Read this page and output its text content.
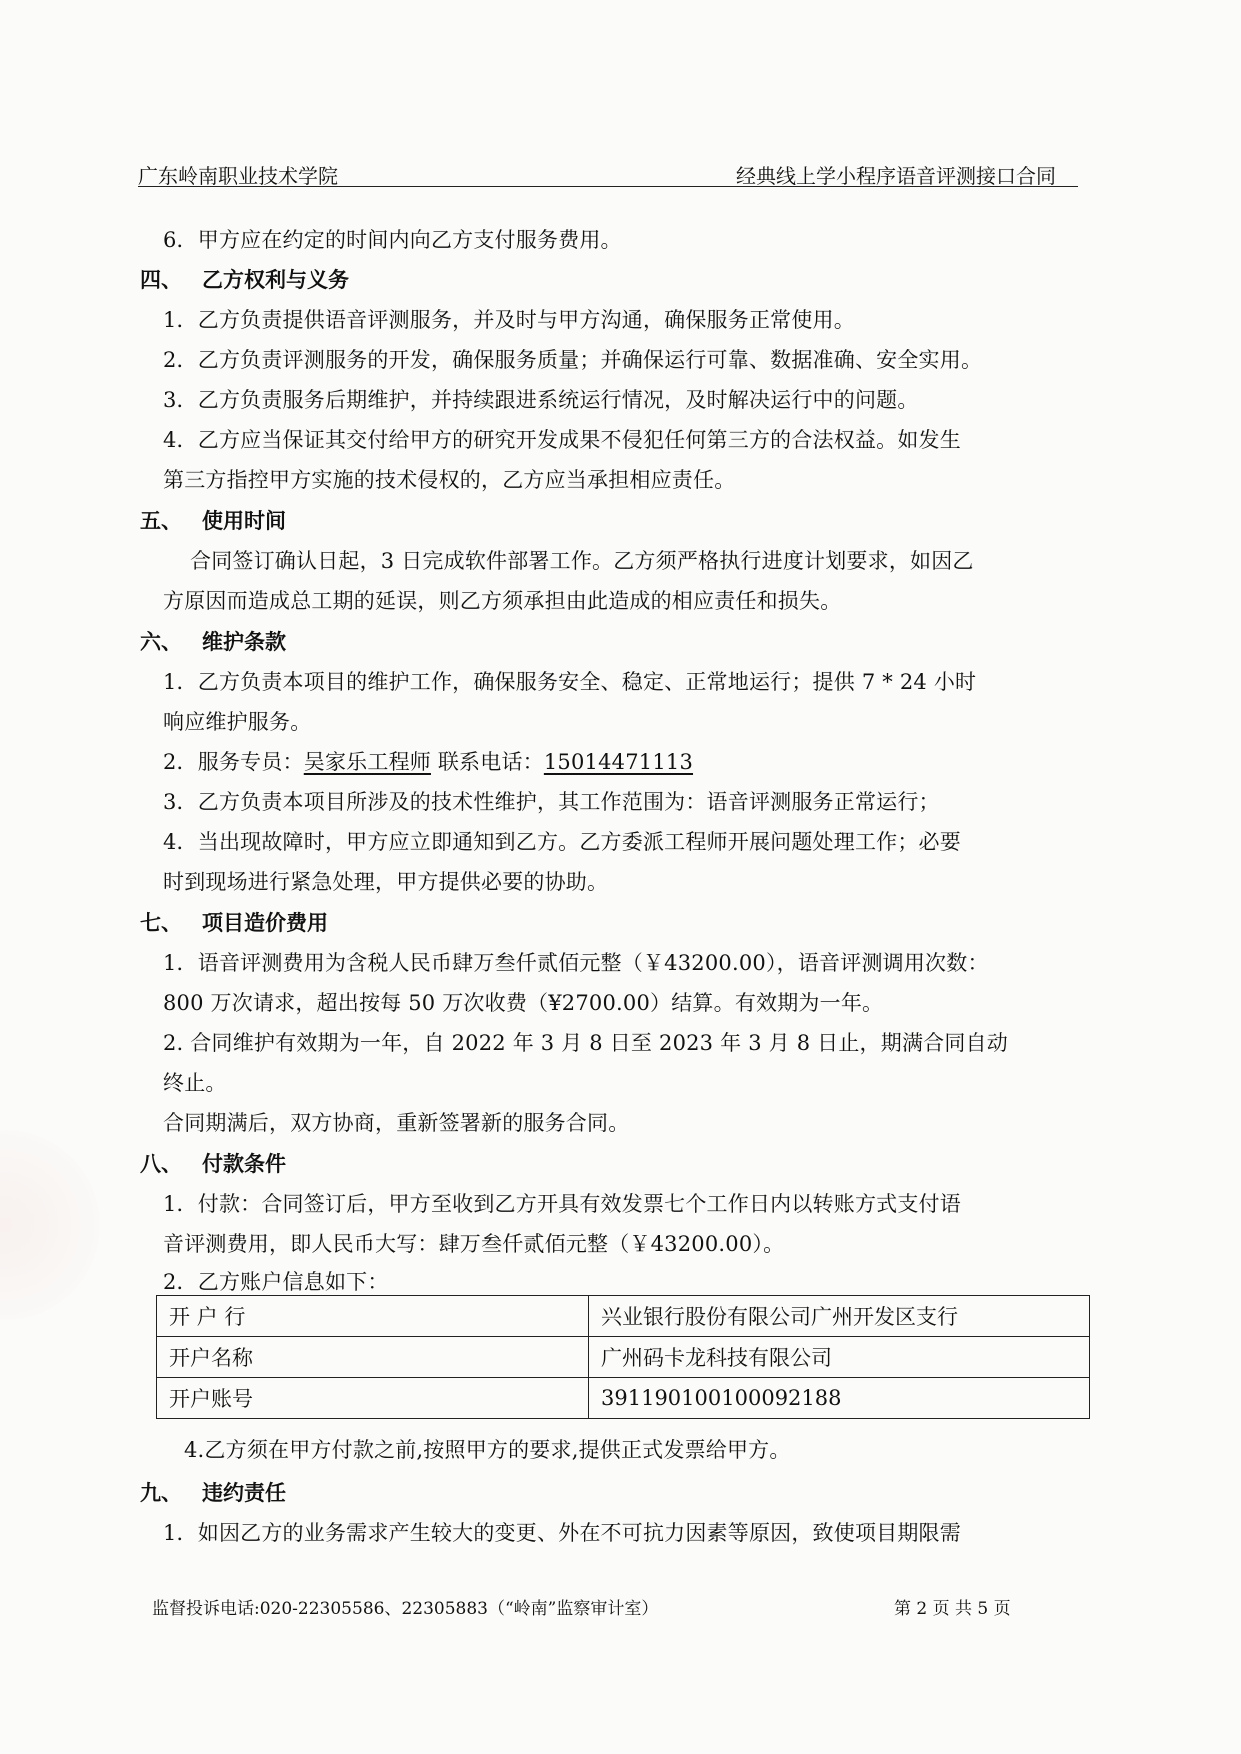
广东岭南职业技术学院	经典线上学小程序语音评测接口合同
6．甲方应在约定的时间内向乙方支付服务费用。
四、 乙方权利与义务
1．乙方负责提供语音评测服务，并及时与甲方沟通，确保服务正常使用。
2．乙方负责评测服务的开发，确保服务质量；并确保运行可靠、数据准确、安全实用。
3．乙方负责服务后期维护，并持续跟进系统运行情况，及时解决运行中的问题。
4．乙方应当保证其交付给甲方的研究开发成果不侵犯任何第三方的合法权益。如发生
第三方指控甲方实施的技术侵权的，乙方应当承担相应责任。
五、 使用时间
合同签订确认日起，3 日完成软件部署工作。乙方须严格执行进度计划要求，如因乙
方原因而造成总工期的延误，则乙方须承担由此造成的相应责任和损失。
六、 维护条款
1．乙方负责本项目的维护工作，确保服务安全、稳定、正常地运行；提供 7 * 24 小时
响应维护服务。
2．服务专员：吴家乐工程师 联系电话：15014471113
3．乙方负责本项目所涉及的技术性维护，其工作范围为：语音评测服务正常运行；
4．当出现故障时，甲方应立即通知到乙方。乙方委派工程师开展问题处理工作；必要
时到现场进行紧急处理，甲方提供必要的协助。
七、 项目造价费用
1．语音评测费用为含税人民币肆万叁仟贰佰元整（￥43200.00），语音评测调用次数：
800 万次请求，超出按每 50 万次收费（¥2700.00）结算。有效期为一年。
2. 合同维护有效期为一年，自 2022 年 3 月 8 日至 2023 年 3 月 8 日止，期满合同自动
终止。
合同期满后，双方协商，重新签署新的服务合同。
八、 付款条件
1．付款：合同签订后，甲方至收到乙方开具有效发票七个工作日内以转账方式支付语
音评测费用，即人民币大写：肆万叁仟贰佰元整（￥43200.00）。
2．乙方账户信息如下：
开 户 行	兴业银行股份有限公司广州开发区支行
开户名称	广州码卡龙科技有限公司
开户账号	391190100100092188
4.乙方须在甲方付款之前,按照甲方的要求,提供正式发票给甲方。
九、 违约责任
1．如因乙方的业务需求产生较大的变更、外在不可抗力因素等原因，致使项目期限需
监督投诉电话:020-22305586、22305883（“岭南”监察审计室）	第 2 页 共 5 页
